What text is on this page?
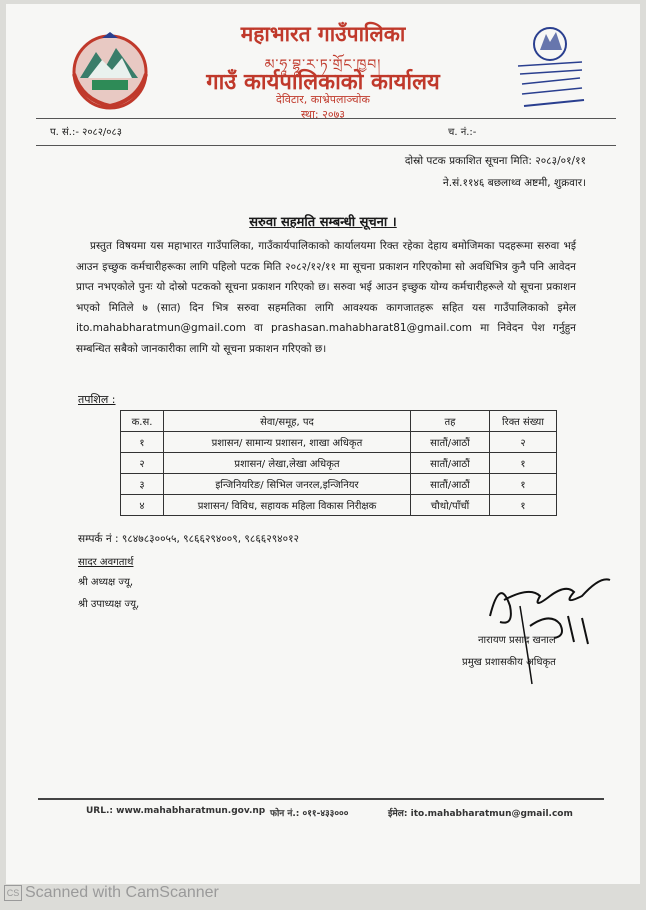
महाभारत गाउँपालिका
མ་ཧཱ་བྷཱ་ར་ཏ་གྲོང་ཁྱབ།
गाउँ कार्यपालिकाको कार्यालय
देविटार, काभ्रेपलाञ्चोक
स्था: २०७३
प. सं.:- २०८२/०८३	च. नं.:-
दोस्रो पटक प्रकाशित सूचना मिति: २०८३/०१/११
ने.सं.११४६ बछलाथ्व अष्टमी, शुक्रवार।
सरुवा सहमति सम्बन्धी सूचना ।
प्रस्तुत विषयमा यस महाभारत गाउँपालिका, गाउँकार्यपालिकाको कार्यालयमा रिक्त रहेका देहाय बमोजिमका पदहरूमा सरुवा भई आउन इच्छुक कर्मचारीहरूका लागि पहिलो पटक मिति २०८२/१२/११ मा सूचना प्रकाशन गरिएकोमा सो अवधिभित्र कुनै पनि आवेदन प्राप्त नभएकोले पुनः यो दोस्रो पटकको सूचना प्रकाशन गरिएको छ। सरुवा भई आउन इच्छुक योग्य कर्मचारीहरूले यो सूचना प्रकाशन भएको मितिले ७ (सात) दिन भित्र सरुवा सहमतिका लागि आवश्यक कागजातहरू सहित यस गाउँपालिकाको इमेल ito.mahabharatmun@gmail.com वा prashasan.mahabharat81@gmail.com मा निवेदन पेश गर्नुहुन सम्बन्धित सबैको जानकारीका लागि यो सूचना प्रकाशन गरिएको छ।
तपशिल :
क.स.	सेवा/समूह, पद	तह	रिक्त संख्या
१	प्रशासन/ सामान्य प्रशासन, शाखा अधिकृत	सातौं/आठौं	२
२	प्रशासन/ लेखा,लेखा अधिकृत	सातौं/आठौं	१
३	इन्जिनियरिङ/ सिभिल जनरल,इन्जिनियर	सातौं/आठौं	१
४	प्रशासन/ विविध, सहायक महिला विकास निरीक्षक	चौथो/पाँचौं	१
सम्पर्क नं : ९८४७८३००५५, ९८६६२९४००९, ९८६६२९४०१२
सादर अवगतार्थ
श्री अध्यक्ष ज्यू,
श्री उपाध्यक्ष ज्यू,
नारायण प्रसाद खनाल
प्रमुख प्रशासकीय अधिकृत
URL.: www.mahabharatmun.gov.np फोन नं.: ०११-४३३०००	ईमेल: ito.mahabharatmun@gmail.com
CS Scanned with CamScanner
